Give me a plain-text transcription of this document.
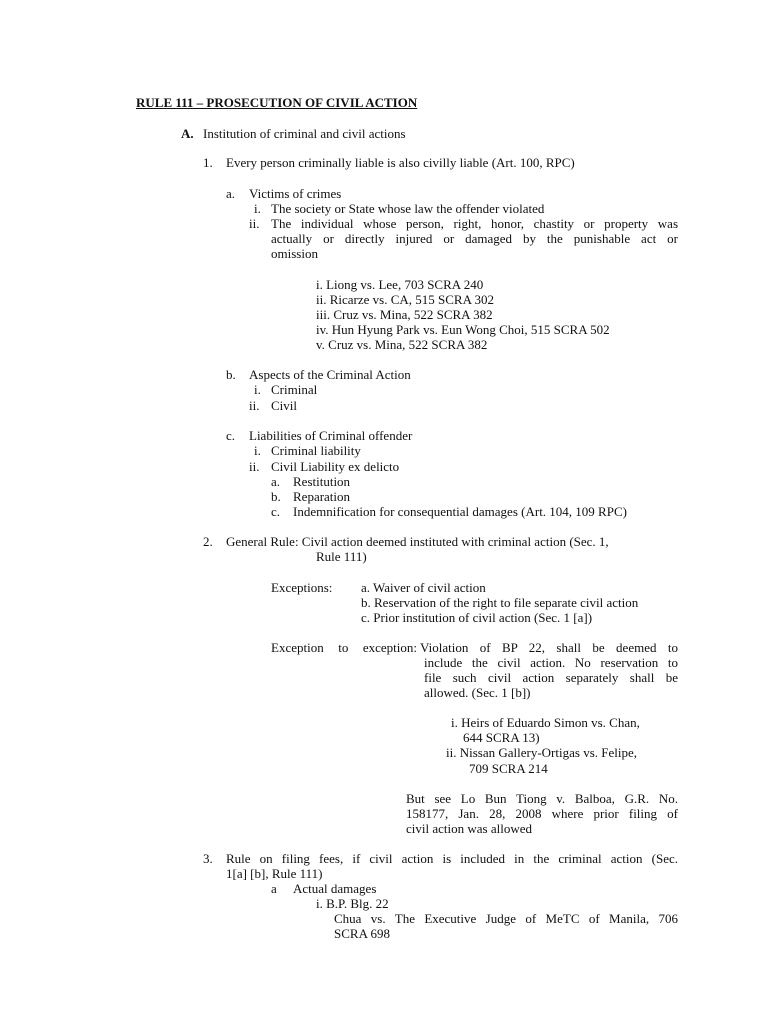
RULE 111 – PROSECUTION OF CIVIL ACTION
A. Institution of criminal and civil actions
1. Every person criminally liable is also civilly liable (Art. 100, RPC)
a. Victims of crimes
i. The society or State whose law the offender violated
ii. The individual whose person, right, honor, chastity or property was
actually or directly injured or damaged by the punishable act or
omission
i. Liong vs. Lee, 703 SCRA 240
ii. Ricarze vs. CA, 515 SCRA 302
iii. Cruz vs. Mina, 522 SCRA 382
iv. Hun Hyung Park vs. Eun Wong Choi, 515 SCRA 502
v. Cruz vs. Mina, 522 SCRA 382
b. Aspects of the Criminal Action
i. Criminal
ii. Civil
c. Liabilities of Criminal offender
i. Criminal liability
ii. Civil Liability ex delicto
a. Restitution
b. Reparation
c. Indemnification for consequential damages (Art. 104, 109 RPC)
2. General Rule: Civil action deemed instituted with criminal action (Sec. 1,
Rule 111)
Exceptions: a. Waiver of civil action
b. Reservation of the right to file separate civil action
c. Prior institution of civil action (Sec. 1 [a])
Exception to exception: Violation of BP 22, shall be deemed to
include the civil action. No reservation to
file such civil action separately shall be
allowed. (Sec. 1 [b])
i. Heirs of Eduardo Simon vs. Chan,
644 SCRA 13)
ii. Nissan Gallery-Ortigas vs. Felipe,
709 SCRA 214
But see Lo Bun Tiong v. Balboa, G.R. No.
158177, Jan. 28, 2008 where prior filing of
civil action was allowed
3. Rule on filing fees, if civil action is included in the criminal action (Sec.
1[a] [b], Rule 111)
a Actual damages
i. B.P. Blg. 22
Chua vs. The Executive Judge of MeTC of Manila, 706
SCRA 698
